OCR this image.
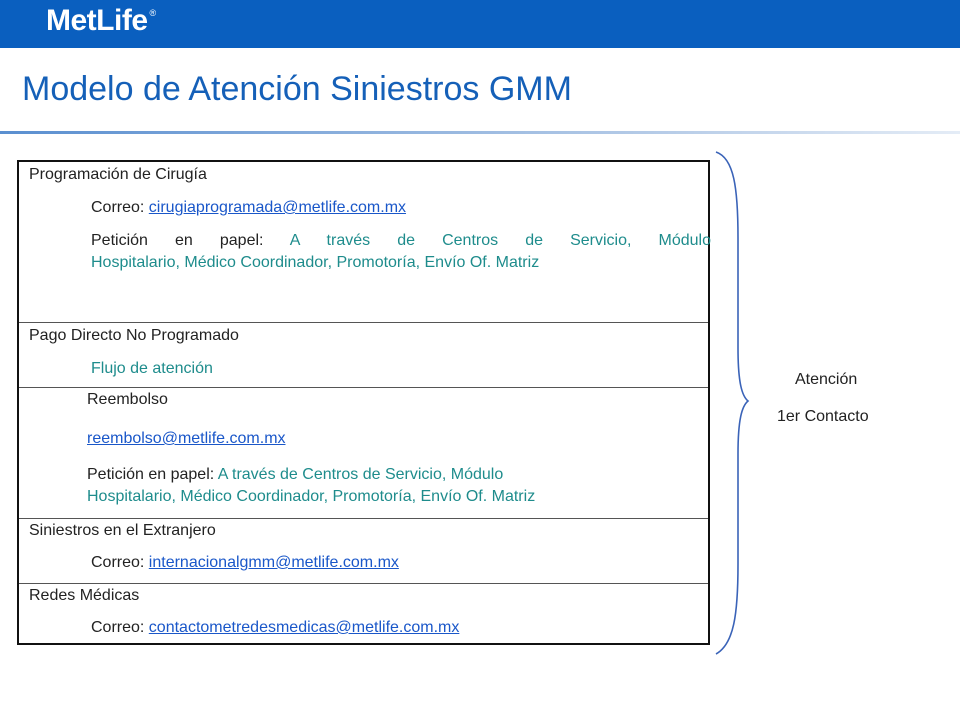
MetLife ®
Modelo de Atención Siniestros GMM
Programación de Cirugía
Correo: cirugiaprogramada@metlife.com.mx
Petición en papel: A través de Centros de Servicio, Módulo
Hospitalario, Médico Coordinador, Promotoría, Envío Of. Matriz
Pago Directo No Programado
Flujo de atención
Reembolso
reembolso@metlife.com.mx
Petición en papel: A través de Centros de Servicio, Módulo
Hospitalario, Médico Coordinador, Promotoría, Envío Of. Matriz
Siniestros en el Extranjero
Correo: internacionalgmm@metlife.com.mx
Redes Médicas
Correo: contactometredesmedicas@metlife.com.mx
Atención
1er Contacto
